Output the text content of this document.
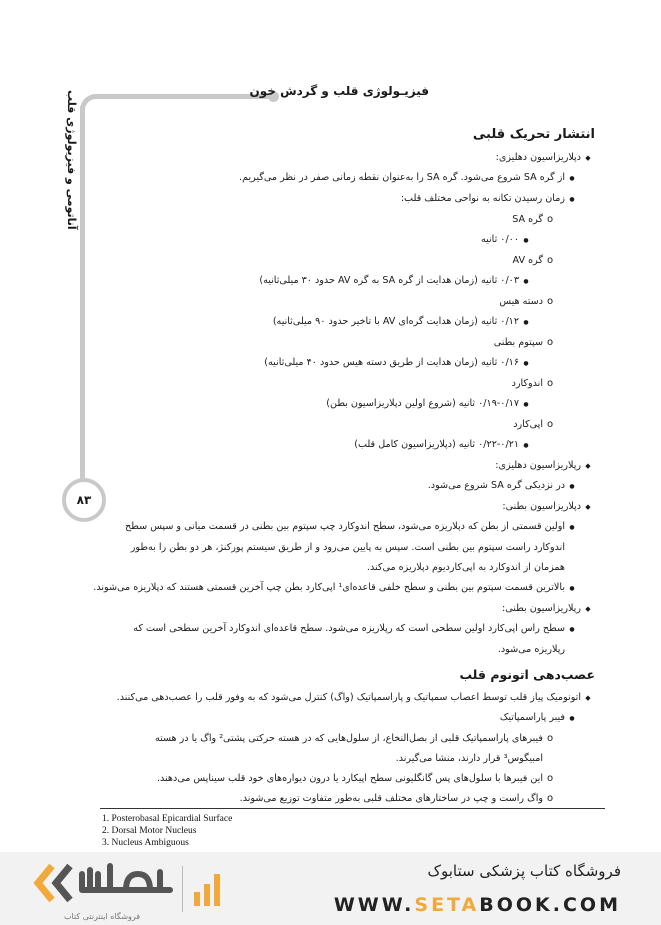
فیزیـولوژی قلب و گردش خون
آناتومی و فیزیولوژی قلب
۸۳
انتشار تحریک قلبی
◆
دپلاریزاسیون دهلیزی:
●
از گره SA شروع می‌شود. گره SA را به‌عنوان نقطه زمانی صفر در نظر می‌گیریم.
●
زمان رسیدن تکانه به نواحی مختلف قلب:
o
گره SA
●
۰/۰۰ ثانیه
o
گره AV
●
۰/۰۳ ثانیه (زمان هدایت از گره SA به گره AV حدود ۳۰ میلی‌ثانیه)
o
دسته هیس
●
۰/۱۲ ثانیه (زمان هدایت گره‌ای AV با تاخیر حدود ۹۰ میلی‌ثانیه)
o
سپتوم بطنی
●
۰/۱۶ ثانیه (زمان هدایت از طریق دسته هیس حدود ۴۰ میلی‌ثانیه)
o
اندوکارد
●
۰/۱۹-۰/۱۷ ثانیه (شروع اولین دپلاریزاسیون بطن)
o
اپی‌کارد
●
۰/۲۲-۰/۲۱ ثانیه (دپلاریزاسیون کامل قلب)
◆
رپلاریزاسیون دهلیزی:
●
در نزدیکی گره SA شروع می‌شود.
◆
دپلاریزاسیون بطنی:
●
اولین قسمتی از بطن که دپلاریزه می‌شود، سطح اندوکارد چپ سپتوم بین بطنی در قسمت میانی و سپس سطح
اندوکارد راست سپتوم بین بطنی است. سپس به پایین می‌رود و از طریق سیستم پورکنژ، هر دو بطن را به‌طور
همزمان از اندوکارد به اپی‌کاردیوم دپلاریزه می‌کند.
●
بالاترین قسمت سپتوم بین بطنی و سطح خلفی قاعده‌ای¹ اپی‌کارد بطن چپ آخرین قسمتی هستند که دپلاریزه می‌شوند.
◆
رپلاریزاسیون بطنی:
●
سطح راس اپی‌کارد اولین سطحی است که رپلاریزه می‌شود. سطح قاعده‌ای اندوکارد آخرین سطحی است که
رپلاریزه می‌شود.
عصب‌دهی اتونوم قلب
◆
اتونومیک پیاز قلب توسط اعصاب سمپاتیک و پاراسمپاتیک (واگ) کنترل می‌شود که به وفور قلب را عصب‌دهی می‌کنند.
●
فیبر پاراسمپاتیک
o
فیبرهای پاراسمپاتیک قلبی از بصل‌النخاع، از سلول‌هایی که در هسته حرکتی پشتی² واگ یا در هسته
امبیگوس³ قرار دارند، منشا می‌گیرند.
o
این فیبرها با سلول‌های پس گانگلیونی سطح اپیکارد یا درون دیواره‌های خود قلب سیناپس می‌دهند.
o
واگ راست و چپ در ساختارهای مختلف قلبی به‌طور متفاوت توزیع می‌شوند.
1. Posterobasal Epicardial Surface
2. Dorsal Motor Nucleus
3. Nucleus Ambiguous
فروشگاه اینترنتی کتاب
فروشگاه کتاب پزشکی ستابوک
WWW.SETABOOK.COM
